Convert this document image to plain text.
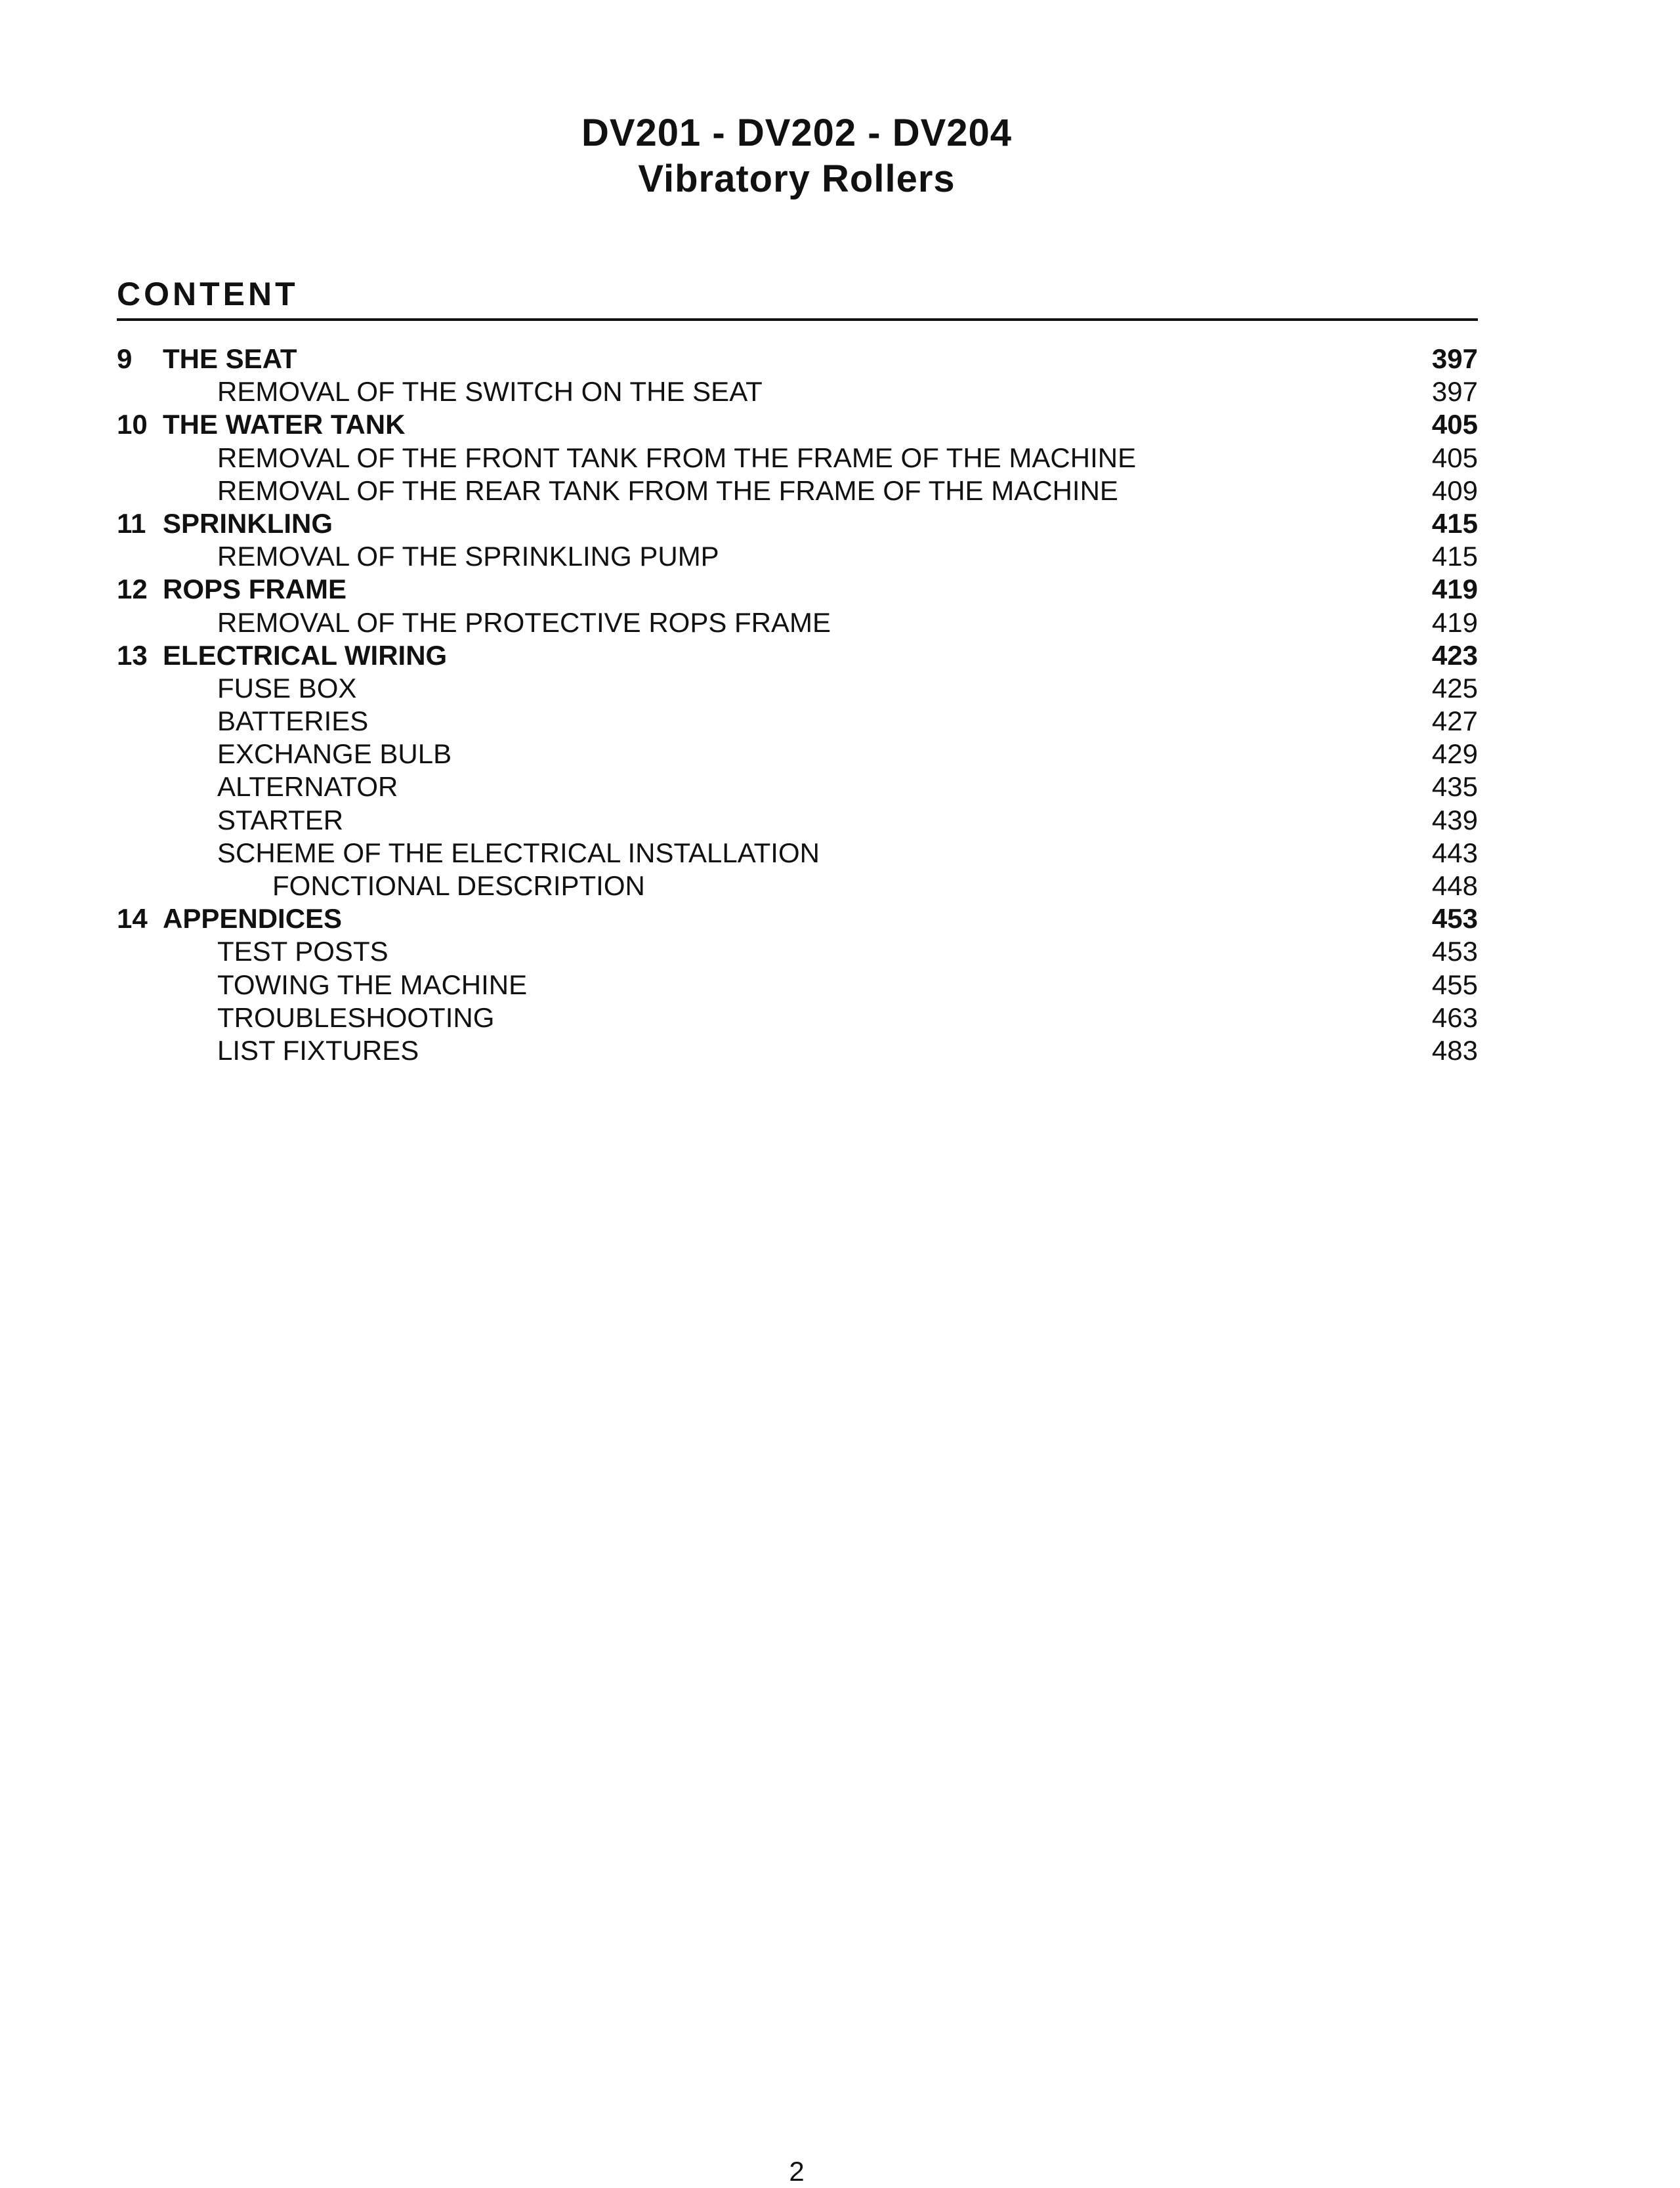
DV201 - DV202 - DV204
Vibratory Rollers
CONTENT
9 THE SEAT	397
REMOVAL OF THE SWITCH ON THE SEAT	397
10 THE WATER TANK	405
REMOVAL OF THE FRONT TANK FROM THE FRAME OF THE MACHINE	405
REMOVAL OF THE REAR TANK FROM THE FRAME OF THE MACHINE	409
11 SPRINKLING	415
REMOVAL OF THE SPRINKLING PUMP	415
12 ROPS FRAME	419
REMOVAL OF THE PROTECTIVE ROPS FRAME	419
13 ELECTRICAL WIRING	423
FUSE BOX	425
BATTERIES	427
EXCHANGE BULB	429
ALTERNATOR	435
STARTER	439
SCHEME OF THE ELECTRICAL INSTALLATION	443
FONCTIONAL DESCRIPTION	448
14 APPENDICES	453
TEST POSTS	453
TOWING THE MACHINE	455
TROUBLESHOOTING	463
LIST FIXTURES	483
2
